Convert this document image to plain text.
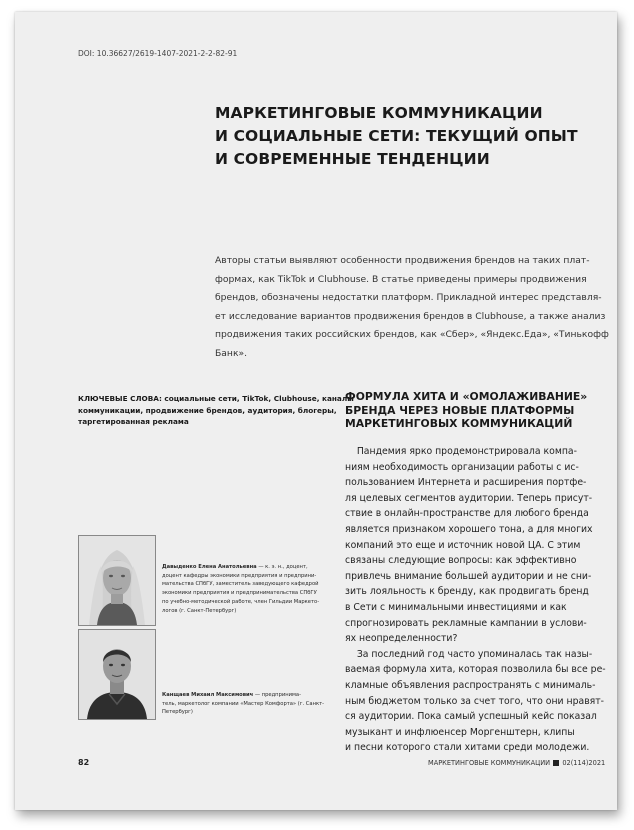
DOI: 10.36627/2619-1407-2021-2-2-82-91
МАРКЕТИНГОВЫЕ КОММУНИКАЦИИ
И СОЦИАЛЬНЫЕ СЕТИ: ТЕКУЩИЙ ОПЫТ
И СОВРЕМЕННЫЕ ТЕНДЕНЦИИ
Авторы статьи выявляют особенности продвижения брендов на таких плат-
формах, как TikTok и Clubhouse. В статье приведены примеры продвижения
брендов, обозначены недостатки платформ. Прикладной интерес представля-
ет исследование вариантов продвижения брендов в Clubhouse, а также анализ
продвижения таких российских брендов, как «Сбер», «Яндекс.Еда», «Тинькофф
Банк».
КЛЮЧЕВЫЕ СЛОВА: социальные сети, TikTok, Clubhouse, каналы
коммуникации, продвижение брендов, аудитория, блогеры,
таргетированная реклама
ФОРМУЛА ХИТА И «ОМОЛАЖИВАНИЕ»
БРЕНДА ЧЕРЕЗ НОВЫЕ ПЛАТФОРМЫ
МАРКЕТИНГОВЫХ КОММУНИКАЦИЙ
Пандемия ярко продемонстрировала компа-
ниям необходимость организации работы с ис-
пользованием Интернета и расширения портфе-
ля целевых сегментов аудитории. Теперь присут-
ствие в онлайн-пространстве для любого бренда
является признаком хорошего тона, а для многих
компаний это еще и источник новой ЦА. С этим
связаны следующие вопросы: как эффективно
привлечь внимание большей аудитории и не сни-
зить лояльность к бренду, как продвигать бренд
в Сети с минимальными инвестициями и как
спрогнозировать рекламные кампании в услови-
ях неопределенности?
За последний год часто упоминалась так назы-
ваемая формула хита, которая позволила бы все ре-
кламные объявления распространять с минималь-
ным бюджетом только за счет того, что они нравят-
ся аудитории. Пока самый успешный кейс показал
музыкант и инфлюенсер Моргенштерн, клипы
и песни которого стали хитами среди молодежи.
Давыденко Елена Анатольевна — к. э. н., доцент,
доцент кафедры экономики предприятия и предприни-
мательства СПбГУ, заместитель заведующего кафедрой
экономики предприятия и предпринимательства СПбГУ
по учебно-методической работе, член Гильдии Маркето-
логов (г. Санкт-Петербург)
Канщаев Михаил Максимович — предпринима-
тель, маркетолог компании «Мастер Комфорта» (г. Санкт-
Петербург)
82	МАРКЕТИНГОВЫЕ КОММУНИКАЦИИ 02(114)2021
